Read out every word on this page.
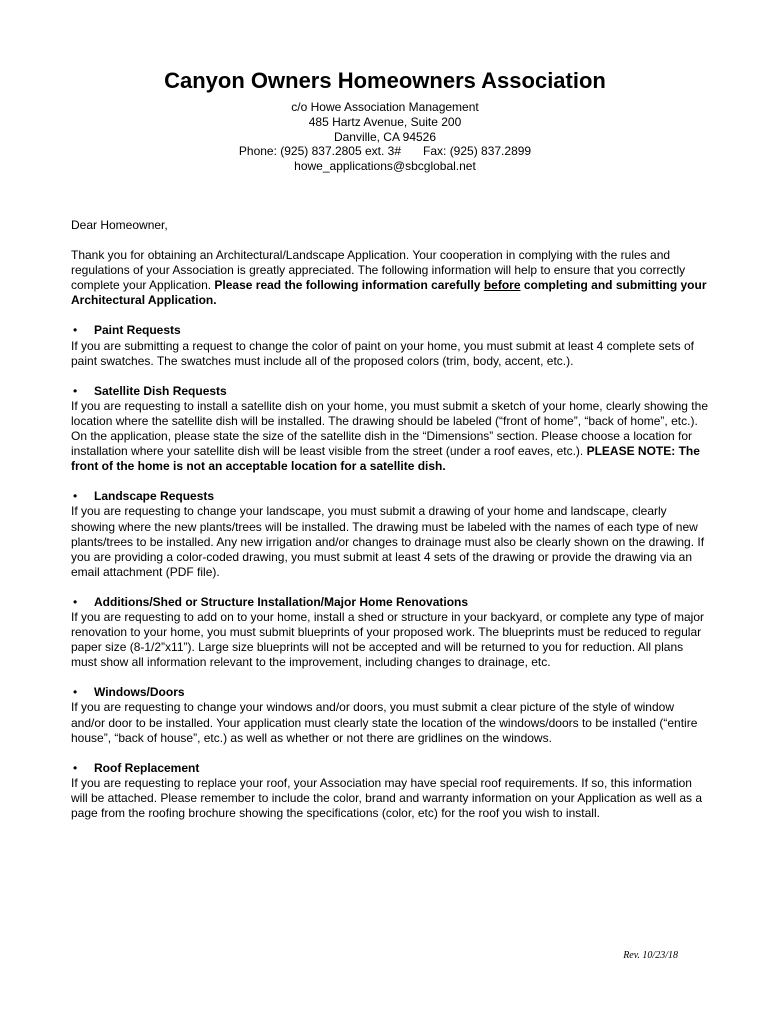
Canyon Owners Homeowners Association

c/o Howe Association Management

485 Hartz Avenue, Suite 200

Danville, CA 94526

Phone: (925) 837.2805 ext. 3# Fax: (925) 837.2899

howe_applications@sbcglobal.net

Dear Homeowner,

Thank you for obtaining an Architectural/Landscape Application. Your cooperation in complying with the rules and regulations of your Association is greatly appreciated. The following information will help to ensure that you correctly complete your Application. Please read the following information carefully before completing and submitting your Architectural Application.

•	Paint Requests

If you are submitting a request to change the color of paint on your home, you must submit at least 4 complete sets of paint swatches. The swatches must include all of the proposed colors (trim, body, accent, etc.).

•	Satellite Dish Requests

If you are requesting to install a satellite dish on your home, you must submit a sketch of your home, clearly showing the location where the satellite dish will be installed. The drawing should be labeled (“front of home”, “back of home”, etc.). On the application, please state the size of the satellite dish in the “Dimensions” section. Please choose a location for installation where your satellite dish will be least visible from the street (under a roof eaves, etc.). PLEASE NOTE: The front of the home is not an acceptable location for a satellite dish.

•	Landscape Requests

If you are requesting to change your landscape, you must submit a drawing of your home and landscape, clearly showing where the new plants/trees will be installed. The drawing must be labeled with the names of each type of new plants/trees to be installed. Any new irrigation and/or changes to drainage must also be clearly shown on the drawing. If you are providing a color-coded drawing, you must submit at least 4 sets of the drawing or provide the drawing via an email attachment (PDF file).

•	Additions/Shed or Structure Installation/Major Home Renovations

If you are requesting to add on to your home, install a shed or structure in your backyard, or complete any type of major renovation to your home, you must submit blueprints of your proposed work. The blueprints must be reduced to regular paper size (8-1/2”x11”). Large size blueprints will not be accepted and will be returned to you for reduction. All plans must show all information relevant to the improvement, including changes to drainage, etc.

•	Windows/Doors

If you are requesting to change your windows and/or doors, you must submit a clear picture of the style of window and/or door to be installed. Your application must clearly state the location of the windows/doors to be installed (“entire house”, “back of house”, etc.) as well as whether or not there are gridlines on the windows.

•	Roof Replacement

If you are requesting to replace your roof, your Association may have special roof requirements. If so, this information will be attached. Please remember to include the color, brand and warranty information on your Application as well as a page from the roofing brochure showing the specifications (color, etc) for the roof you wish to install.

Rev. 10/23/18
